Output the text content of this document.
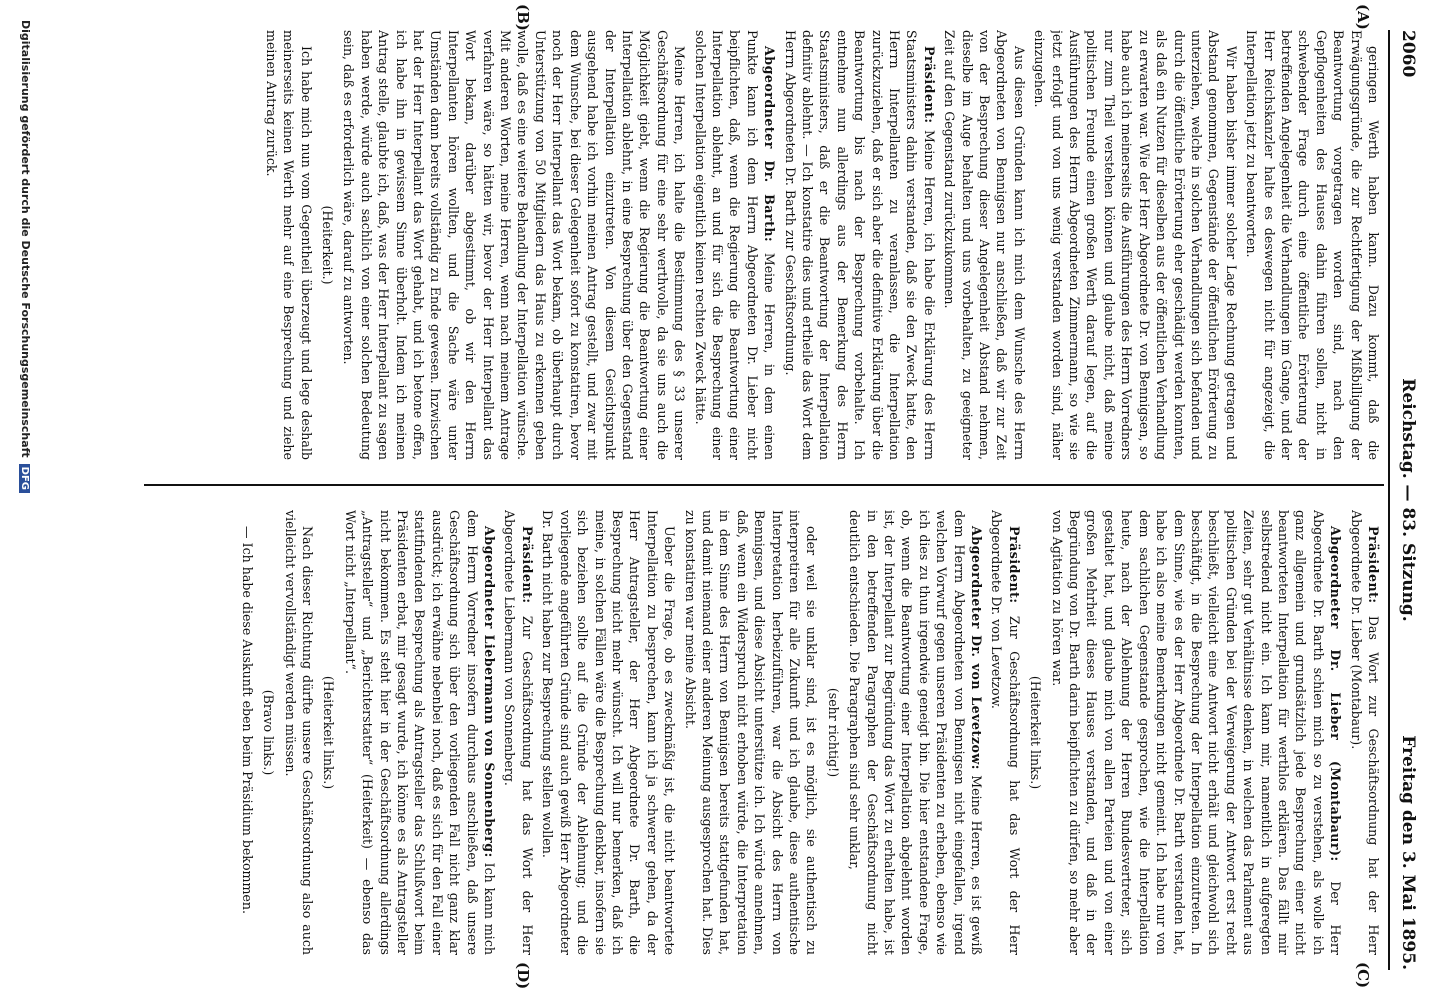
2060
Reichstag. — 83. Sitzung.
Freitag den 3. Mai 1895.
(A)
(B)
(C)
(D)

geringen Werth haben kann. Dazu kommt, daß die Erwägungsgründe, die zur Rechtfertigung der Mißbilligung der Beantwortung vorgetragen worden sind, nach den Gepflogenheiten des Hauses dahin führen sollen, nicht in schwebender Frage durch eine öffentliche Erörterung der betreffenden Angelegenheit die Verhandlungen im Gange, und der Herr Reichskanzler halte es deswegen nicht für angezeigt, die Interpellation jetzt zu beantworten.

Wir haben bisher immer solcher Lage Rechnung getragen und Abstand genommen, Gegenstände der öffentlichen Erörterung zu unterziehen, welche in solchen Verhandlungen sich befanden und durch die öffentliche Erörterung eher geschädigt werden konnten, als daß ein Nutzen für dieselben aus der öffentlichen Verhandlung zu erwarten war. Wie der Herr Abgeordnete Dr. von Bennigsen, so habe auch ich meinerseits die Ausführungen des Herrn Vorredners nur zum Theil verstehen können und glaube nicht, daß meine politischen Freunde einen großen Werth darauf legen, auf die Ausführungen des Herrn Abgeordneten Zimmermann, so wie sie jetzt erfolgt und von uns wenig verstanden worden sind, näher einzugehen.

Aus diesen Gründen kann ich mich dem Wunsche des Herrn Abgeordneten von Bennigsen nur anschließen, daß wir zur Zeit von der Besprechung dieser Angelegenheit Abstand nehmen, dieselbe im Auge behalten und uns vorbehalten, zu geeigneter Zeit auf den Gegenstand zurückzukommen.

Präsident: Meine Herren, ich habe die Erklärung des Herrn Staatsministers dahin verstanden, daß sie den Zweck hatte, den Herrn Interpellanten zu veranlassen, die Interpellation zurückzuziehen, daß er sich aber die definitive Erklärung über die Beantwortung bis nach der Besprechung vorbehalte. Ich entnehme nun allerdings aus der Bemerkung des Herrn Staatsministers, daß er die Beantwortung der Interpellation definitiv ablehnt. — Ich konstatire dies und ertheile das Wort dem Herrn Abgeordneten Dr. Barth zur Geschäftsordnung.

Abgeordneter Dr. Barth: Meine Herren, in dem einen Punkte kann ich dem Herrn Abgeordneten Dr. Lieber nicht beipflichten, daß, wenn die Regierung die Beantwortung einer Interpellation ablehnt, an und für sich die Besprechung einer solchen Interpellation eigentlich keinen rechten Zweck hätte.

Meine Herren, ich halte die Bestimmung des § 33 unserer Geschäftsordnung für eine sehr werthvolle, da sie uns auch die Möglichkeit giebt, wenn die Regierung die Beantwortung einer Interpellation ablehnt, in eine Besprechung über den Gegenstand der Interpellation einzutreten. Von diesem Gesichtspunkt ausgehend habe ich vorhin meinen Antrag gestellt, und zwar mit dem Wunsche, bei dieser Gelegenheit sofort zu konstatiren, bevor noch der Herr Interpellant das Wort bekam, ob überhaupt durch Unterstützung von 50 Mitgliedern das Haus zu erkennen geben wolle, daß es eine weitere Behandlung der Interpellation wünsche. Mit anderen Worten, meine Herren, wenn nach meinem Antrage verfahren wäre, so hätten wir, bevor der Herr Interpellant das Wort bekam, darüber abgestimmt, ob wir den Herrn Interpellanten hören wollten, und die Sache wäre unter Umständen dann bereits vollständig zu Ende gewesen. Inzwischen hat der Herr Interpellant das Wort gehabt, und ich betone offen, ich habe ihn in gewissem Sinne überholt. Indem ich meinen Antrag stelle, glaubte ich, daß, was der Herr Interpellant zu sagen haben werde, würde auch sachlich von einer solchen Bedeutung sein, daß es erforderlich wäre, darauf zu antworten.

(Heiterkeit.)

Ich habe mich nun vom Gegentheil überzeugt und lege deshalb meinerseits keinen Werth mehr auf eine Besprechung und ziehe meinen Antrag zurück.

Präsident: Das Wort zur Geschäftsordnung hat der Herr Abgeordnete Dr. Lieber (Montabaur).

Abgeordneter Dr. Lieber (Montabaur): Der Herr Abgeordnete Dr. Barth schien mich so zu verstehen, als wolle ich ganz allgemein und grundsätzlich jede Besprechung einer nicht beantworteten Interpellation für werthlos erklären. Das fällt mir selbstredend nicht ein. Ich kann mir, namentlich in aufgeregten Zeiten, sehr gut Verhältnisse denken, in welchen das Parlament aus politischen Gründen bei der Verweigerung der Antwort erst recht beschließt, vielleicht eine Antwort nicht erhält und gleichwohl sich beschäftigt, in die Besprechung der Interpellation einzutreten. In dem Sinne, wie es der Herr Abgeordnete Dr. Barth verstanden hat, habe ich also meine Bemerkungen nicht gemeint. Ich habe nur von dem sachlichen Gegenstande gesprochen, wie die Interpellation heute, nach der Ablehnung der Herren Bundesvertreter, sich gestaltet hat, und glaube mich von allen Parteien und von einer großen Mehrheit dieses Hauses verstanden, und daß in der Begründung von Dr. Barth darin beipflichten zu dürfen, so mehr aber von Agitation zu hören war.

(Heiterkeit links.)

Präsident: Zur Geschäftsordnung hat das Wort der Herr Abgeordnete Dr. von Levetzow.

Abgeordneter Dr. von Levetzow: Meine Herren, es ist gewiß dem Herrn Abgeordneten von Bennigsen nicht eingefallen, irgend welchen Vorwurf gegen unseren Präsidenten zu erheben, ebenso wie ich dies zu thun irgendwie geneigt bin. Die hier entstandene Frage, ob, wenn die Beantwortung einer Interpellation abgelehnt worden ist, der Interpellant zur Begründung das Wort zu erhalten habe, ist in den betreffenden Paragraphen der Geschäftsordnung nicht deutlich entschieden. Die Paragraphen sind sehr unklar,

(sehr richtig!)

oder weil sie unklar sind, ist es möglich, sie authentisch zu interpretiren für alle Zukunft und ich glaube, diese authentische Interpretation herbeizuführen, war die Absicht des Herrn von Bennigsen, und diese Absicht unterstütze ich. Ich würde annehmen, daß, wenn ein Widerspruch nicht erhoben würde, die Interpretation in dem Sinne des Herrn von Bennigsen bereits stattgefunden hat, und damit niemand einer anderen Meinung ausgesprochen hat. Dies zu konstatiren war meine Absicht.

Ueber die Frage, ob es zweckmäßig ist, die nicht beantwortete Interpellation zu besprechen, kann ich ja schwerer gehen, da der Herr Antragsteller, der Herr Abgeordnete Dr. Barth, die Besprechung nicht mehr wünscht. Ich will nur bemerken, daß ich meine, in solchen Fällen wäre die Besprechung denkbar, insofern sie sich beziehen sollte auf die Gründe der Ablehnung; und die vorliegende angeführten Gründe sind auch gewiß Herr Abgeordneter Dr. Barth nicht haben zur Besprechung stellen wollen.

Präsident: Zur Geschäftsordnung hat das Wort der Herr Abgeordnete Liebermann von Sonnenberg.

Abgeordneter Liebermann von Sonnenberg: Ich kann mich dem Herrn Vorredner insofern durchaus anschließen, daß unsere Geschäftsordnung sich über den vorliegenden Fall nicht ganz klar ausdrückt; ich erwähne nebenbei noch, daß es sich für den Fall einer stattfindenden Besprechung als Antragsteller das Schlußwort beim Präsidenten erbat, mir gesagt wurde, ich könne es als Antragsteller nicht bekommen. Es steht hier in der Geschäftsordnung allerdings „Antragsteller“ und „Berichterstatter“ (Heiterkeit) — ebenso das Wort nicht „Interpellant“.

(Heiterkeit links.)

Nach dieser Richtung dürfte unsere Geschäftsordnung also auch vielleicht vervollständigt werden müssen.

(Bravo links.)

— Ich habe diese Auskunft eben beim Präsidium bekommen.

Digitalisierung gefördert durch die Deutsche ForschungsgemeinschaftDFG
